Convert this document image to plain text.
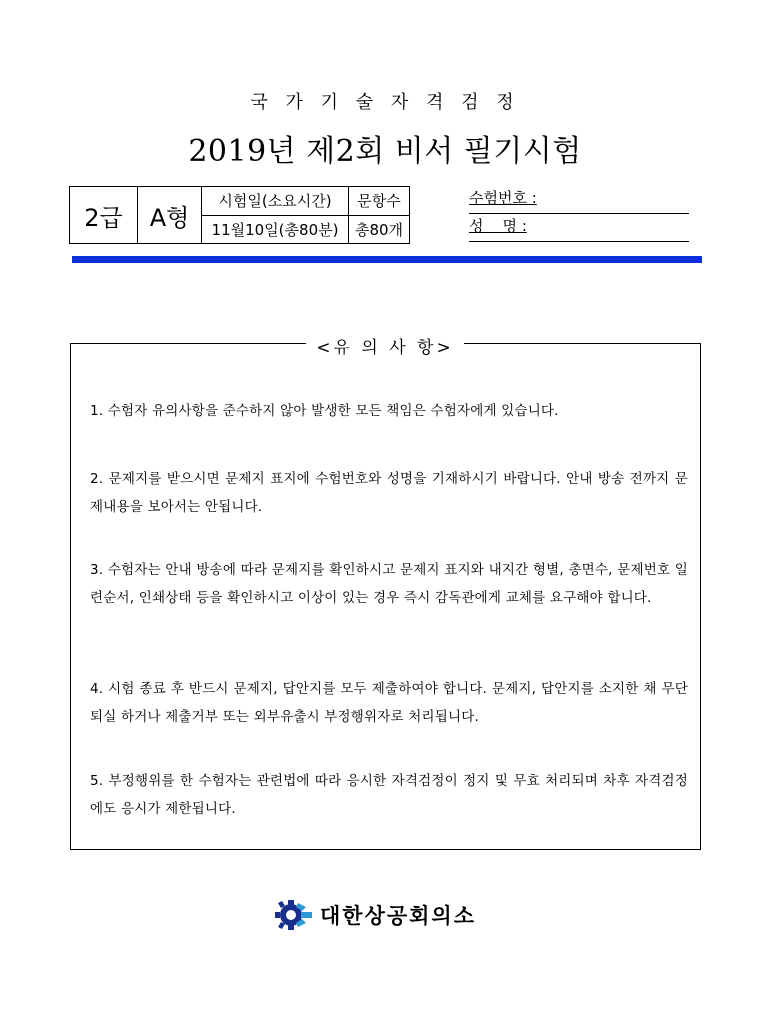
국 가 기 술 자 격 검 정
2019년 제2회 비서 필기시험
2급	A형	시험일(소요시간)	문항수
		11월10일(총80분)	총80개
수험번호 :
성    명 :
<유 의 사 항>
1. 수험자 유의사항을 준수하지 않아 발생한 모든 책임은 수험자에게 있습니다.
2. 문제지를 받으시면 문제지 표지에 수험번호와 성명을 기재하시기 바랍니다. 안내 방송 전까지 문제내용을 보아서는 안됩니다.
3. 수험자는 안내 방송에 따라 문제지를 확인하시고 문제지 표지와 내지간 형별, 총면수, 문제번호 일련순서, 인쇄상태 등을 확인하시고 이상이 있는 경우 즉시 감독관에게 교체를 요구해야 합니다.
4. 시험 종료 후 반드시 문제지, 답안지를 모두 제출하여야 합니다. 문제지, 답안지를 소지한 채 무단퇴실 하거나 제출거부 또는 외부유출시 부정행위자로 처리됩니다.
5. 부정행위를 한 수험자는 관련법에 따라 응시한 자격검정이 정지 및 무효 처리되며 차후 자격검정에도 응시가 제한됩니다.
대한상공회의소
